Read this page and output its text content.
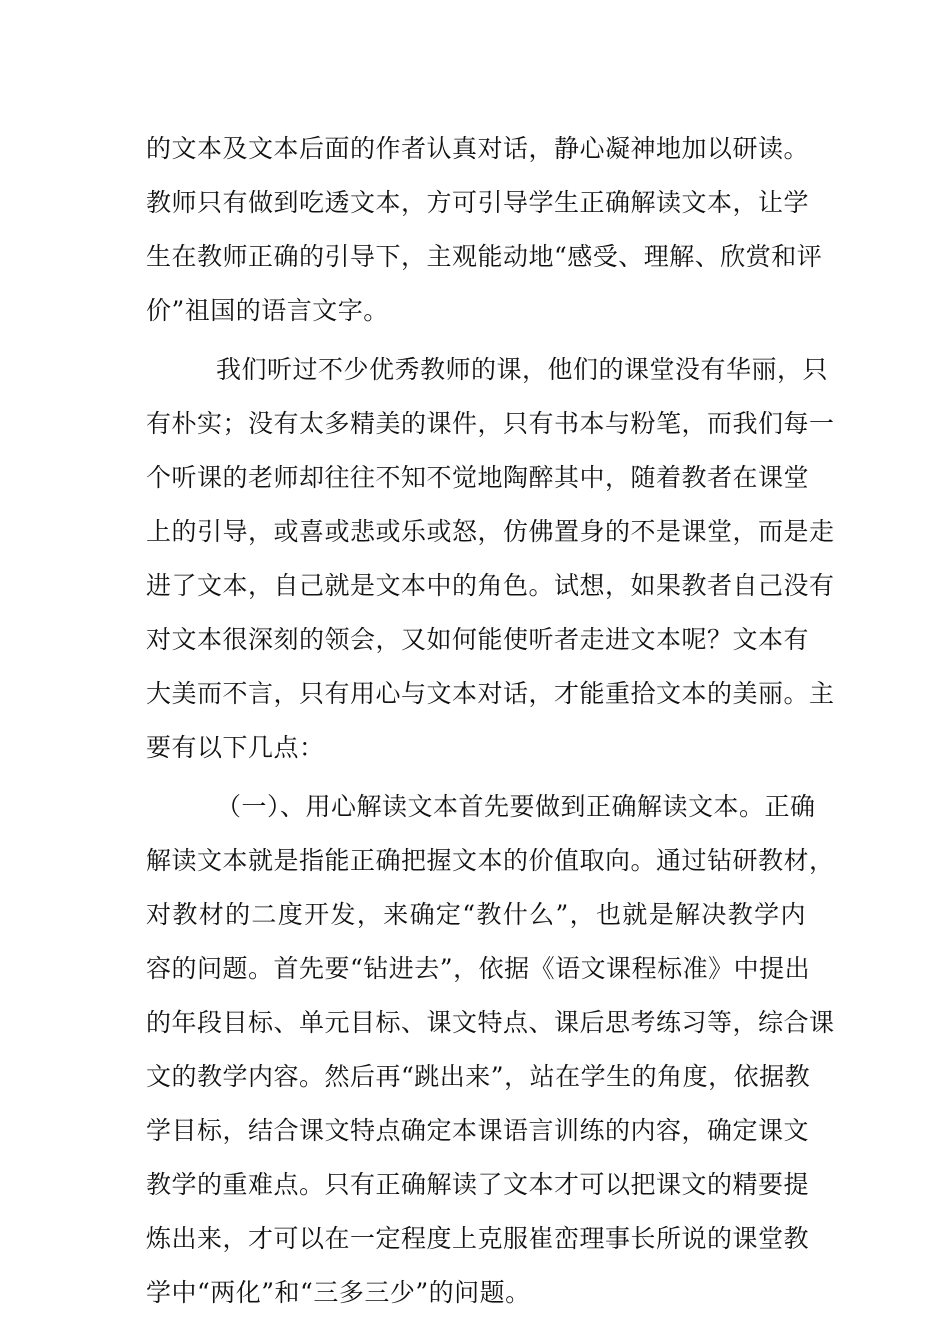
的文本及文本后面的作者认真对话，静心凝神地加以研读。
教师只有做到吃透文本，方可引导学生正确解读文本，让学
生在教师正确的引导下，主观能动地“感受、理解、欣赏和评
价”祖国的语言文字。
我们听过不少优秀教师的课，他们的课堂没有华丽，只
有朴实；没有太多精美的课件，只有书本与粉笔，而我们每一
个听课的老师却往往不知不觉地陶醉其中，随着教者在课堂
上的引导，或喜或悲或乐或怒，仿佛置身的不是课堂，而是走
进了文本，自己就是文本中的角色。试想，如果教者自己没有
对文本很深刻的领会，又如何能使听者走进文本呢？文本有
大美而不言，只有用心与文本对话，才能重拾文本的美丽。主
要有以下几点：
（一）、用心解读文本首先要做到正确解读文本。正确
解读文本就是指能正确把握文本的价值取向。通过钻研教材，
对教材的二度开发，来确定“教什么”，也就是解决教学内
容的问题。首先要“钻进去”，依据《语文课程标准》中提出
的年段目标、单元目标、课文特点、课后思考练习等，综合课
文的教学内容。然后再“跳出来”，站在学生的角度，依据教
学目标，结合课文特点确定本课语言训练的内容，确定课文
教学的重难点。只有正确解读了文本才可以把课文的精要提
炼出来，才可以在一定程度上克服崔峦理事长所说的课堂教
学中“两化”和“三多三少”的问题。
